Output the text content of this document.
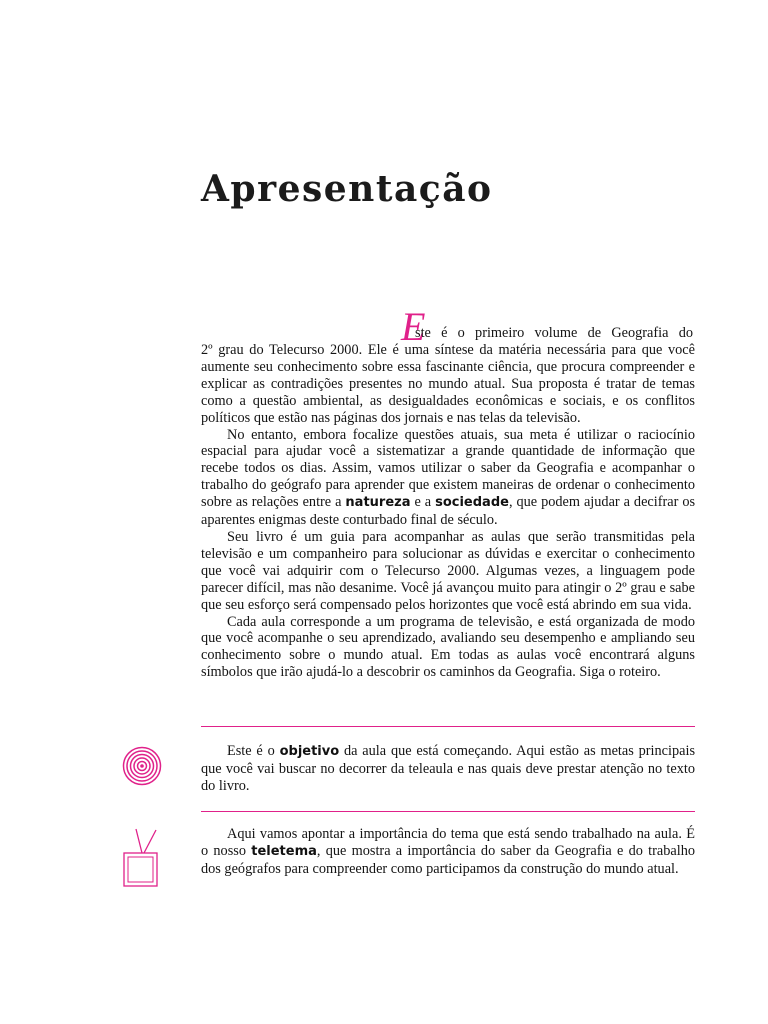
Apresentação
Este é o primeiro volume de Geografia do

2º grau do Telecurso 2000. Ele é uma síntese da matéria necessária para que você aumente seu conhecimento sobre essa fascinante ciência, que procura compreender e explicar as contradições presentes no mundo atual. Sua proposta é tratar de temas como a questão ambiental, as desigualdades econômicas e sociais, e os conflitos políticos que estão nas páginas dos jornais e nas telas da televisão.

No entanto, embora focalize questões atuais, sua meta é utilizar o raciocínio espacial para ajudar você a sistematizar a grande quantidade de informação que recebe todos os dias. Assim, vamos utilizar o saber da Geografia e acompanhar o trabalho do geógrafo para aprender que existem maneiras de ordenar o conhecimento sobre as relações entre a natureza e a sociedade, que podem ajudar a decifrar os aparentes enigmas deste conturbado final de século.

Seu livro é um guia para acompanhar as aulas que serão transmitidas pela televisão e um companheiro para solucionar as dúvidas e exercitar o conhecimento que você vai adquirir com o Telecurso 2000. Algumas vezes, a linguagem pode parecer difícil, mas não desanime. Você já avançou muito para atingir o 2º grau e sabe que seu esforço será compensado pelos horizontes que você está abrindo em sua vida.

Cada aula corresponde a um programa de televisão, e está organizada de modo que você acompanhe o seu aprendizado, avaliando seu desempenho e ampliando seu conhecimento sobre o mundo atual. Em todas as aulas você encontrará alguns símbolos que irão ajudá-lo a descobrir os caminhos da Geografia. Siga o roteiro.

Este é o objetivo da aula que está começando. Aqui estão as metas principais que você vai buscar no decorrer da teleaula e nas quais deve prestar atenção no texto do livro.

Aqui vamos apontar a importância do tema que está sendo trabalhado na aula. É o nosso teletema, que mostra a importância do saber da Geografia e do trabalho dos geógrafos para compreender como participamos da construção do mundo atual.
